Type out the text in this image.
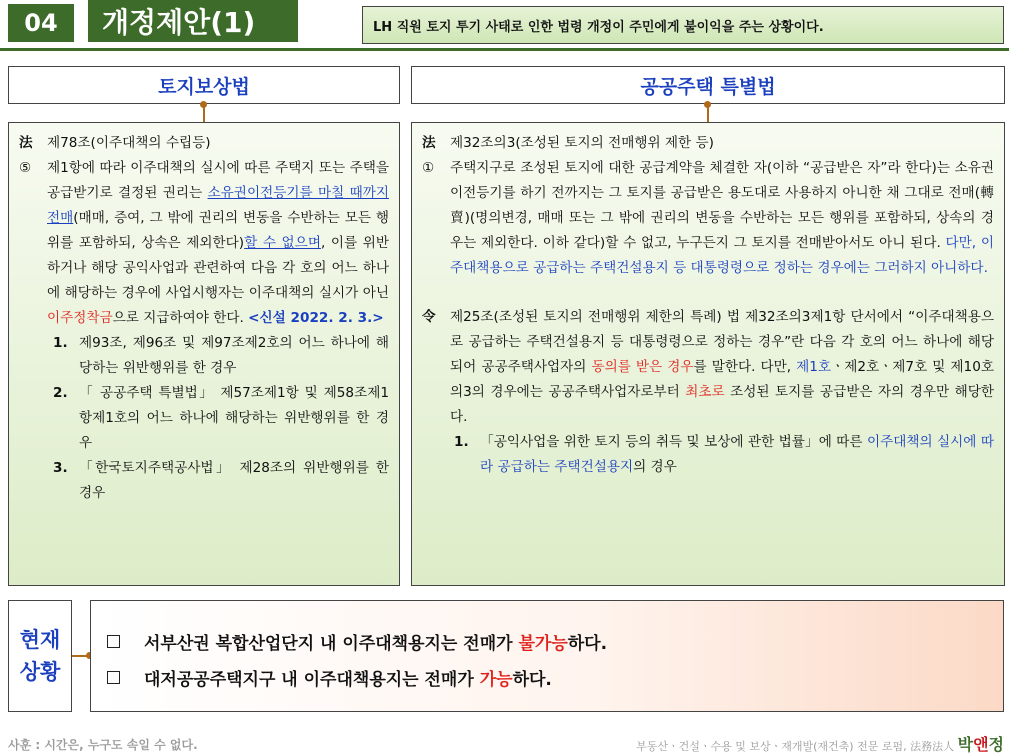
04	개정제안(1)	LH 직원 토지 투기 사태로 인한 법령 개정이 주민에게 불이익을 주는 상황이다.
토지보상법	공공주택 특별법
法	제78조(이주대책의 수립등)
⑤	제1항에 따라 이주대책의 실시에 따른 주택지 또는 주택을 공급받기로 결정된 권리는 소유권이전등기를 마칠 때까지 전매(매매, 증여, 그 밖에 권리의 변동을 수반하는 모든 행위를 포함하되, 상속은 제외한다)할 수 없으며, 이를 위반하거나 해당 공익사업과 관련하여 다음 각 호의 어느 하나에 해당하는 경우에 사업시행자는 이주대책의 실시가 아닌 이주정착금으로 지급하여야 한다. <신설 2022. 2. 3.>
1. 제93조, 제96조 및 제97조제2호의 어느 하나에 해당하는 위반행위를 한 경우
2. 「 공공주택 특별법」 제57조제1항 및 제58조제1항제1호의 어느 하나에 해당하는 위반행위를 한 경우
3. 「한국토지주택공사법」 제28조의 위반행위를 한 경우
法	제32조의3(조성된 토지의 전매행위 제한 등)
①	주택지구로 조성된 토지에 대한 공급계약을 체결한 자(이하 “공급받은 자”라 한다)는 소유권 이전등기를 하기 전까지는 그 토지를 공급받은 용도대로 사용하지 아니한 채 그대로 전매(轉賣)(명의변경, 매매 또는 그 밖에 권리의 변동을 수반하는 모든 행위를 포함하되, 상속의 경우는 제외한다. 이하 같다)할 수 없고, 누구든지 그 토지를 전매받아서도 아니 된다. 다만, 이주대책용으로 공급하는 주택건설용지 등 대통령령으로 정하는 경우에는 그러하지 아니하다.
令	제25조(조성된 토지의 전매행위 제한의 특례) 법 제32조의3제1항 단서에서 “이주대책용으로 공급하는 주택건설용지 등 대통령령으로 정하는 경우”란 다음 각 호의 어느 하나에 해당되어 공공주택사업자의 동의를 받은 경우를 말한다. 다만, 제1호ㆍ제2호ㆍ제7호 및 제10호의3의 경우에는 공공주택사업자로부터 최초로 조성된 토지를 공급받은 자의 경우만 해당한다.
1. 「공익사업을 위한 토지 등의 취득 및 보상에 관한 법률」에 따른 이주대책의 실시에 따라 공급하는 주택건설용지의 경우
현재
상황
서부산권 복합산업단지 내 이주대책용지는 전매가 불가능하다.
대저공공주택지구 내 이주대책용지는 전매가 가능하다.
사훈 : 시간은, 누구도 속일 수 없다.	부동산ㆍ건설ㆍ수용 및 보상ㆍ재개발(재건축) 전문 로펌, 法務法人 박앤정
